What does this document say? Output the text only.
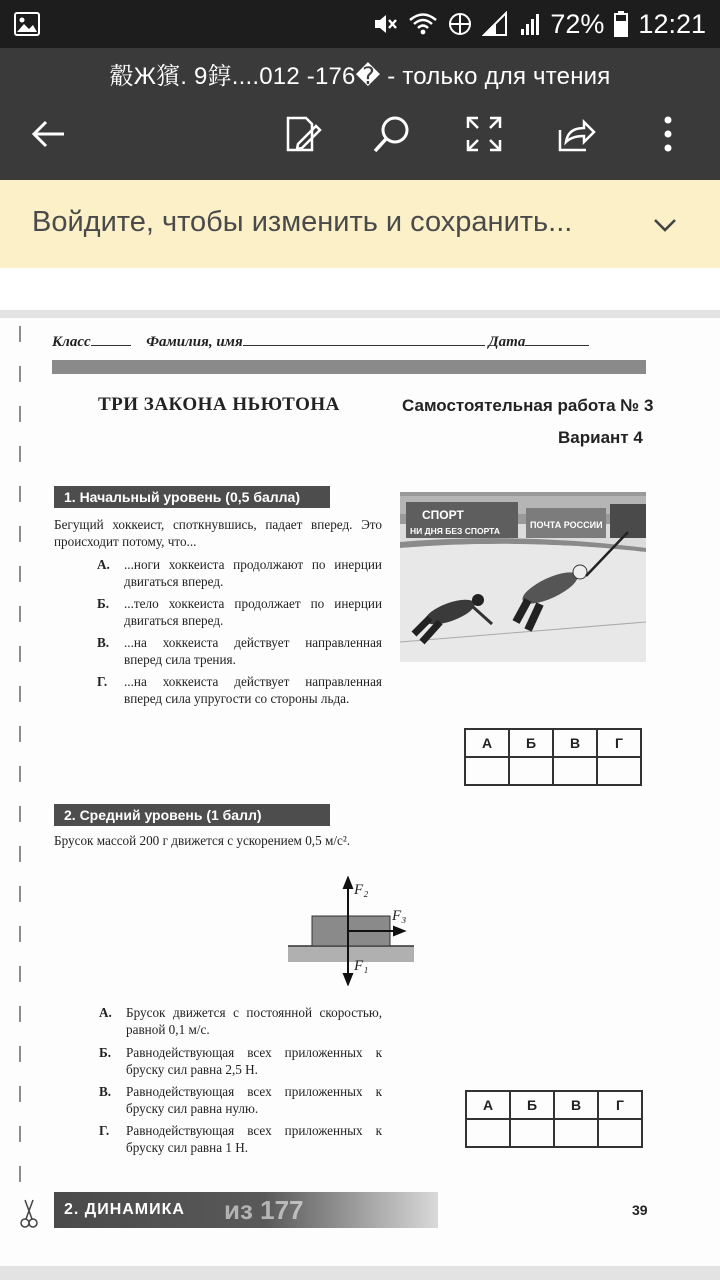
72% 12:21
觳Ж獱. 9錞....012 -176� - только для чтения
Войдите, чтобы изменить и сохранить...
Класс	Фамилия, имя	Дата
ТРИ ЗАКОНА НЬЮТОНА	Самостоятельная работа № 3
Вариант 4
1. Начальный уровень (0,5 балла)
Бегущий хоккеист, споткнувшись, падает вперед. Это происходит потому, что...
А. ...ноги хоккеиста продолжают по инерции двигаться вперед.
Б. ...тело хоккеиста продолжает по инерции двигаться вперед.
В. ...на хоккеиста действует направленная вперед сила трения.
Г. ...на хоккеиста действует направленная вперед сила упругости со стороны льда.
СПОРТ
НИ ДНЯ БЕЗ СПОРТА
ПОЧТА РОССИИ
А	Б	В	Г

2. Средний уровень (1 балл)
Брусок массой 200 г движется с ускорением 0,5 м/с².
F₂
F₃
F₁
А. Брусок движется с постоянной скоростью, равной 0,1 м/с.
Б. Равнодействующая всех приложенных к бруску сил равна 2,5 Н.
В. Равнодействующая всех приложенных к бруску сил равна нулю.
Г. Равнодействующая всех приложенных к бруску сил равна 1 Н.
А	Б	В	Г

2. ДИНАМИКА	из 177	39
